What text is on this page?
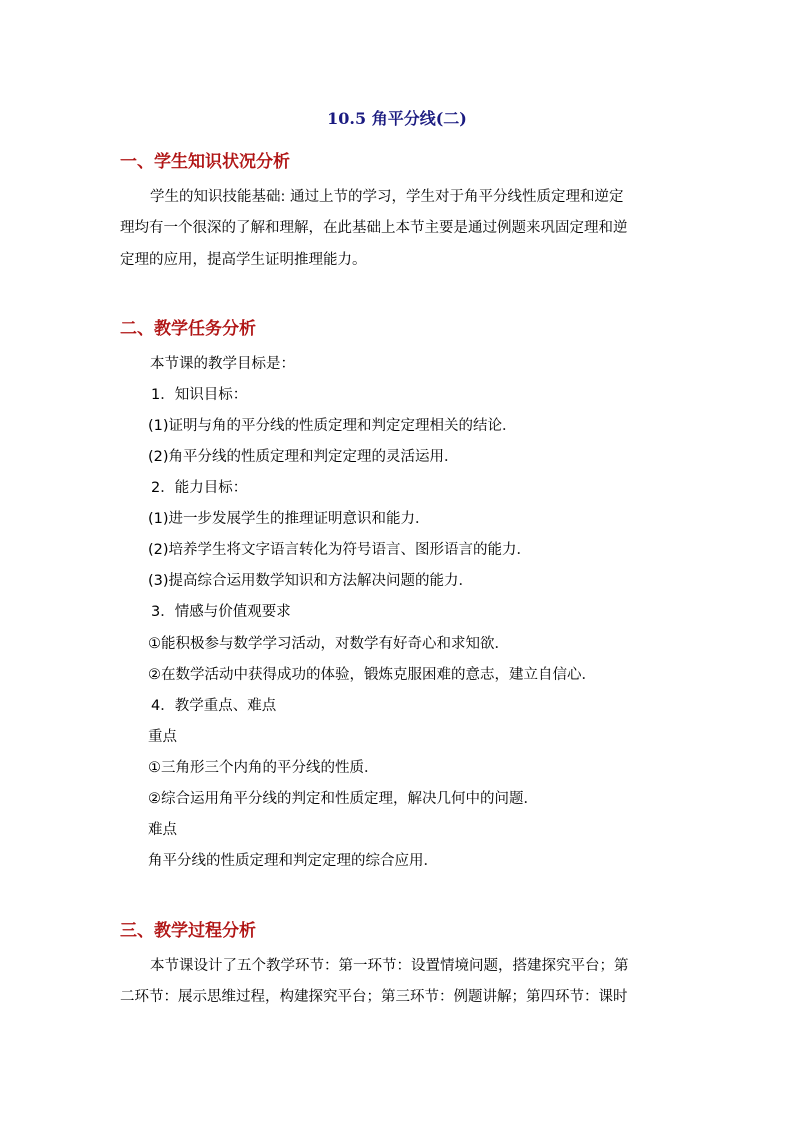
10.5 角平分线(二)
一、学生知识状况分析
学生的知识技能基础: 通过上节的学习，学生对于角平分线性质定理和逆定
理均有一个很深的了解和理解，在此基础上本节主要是通过例题来巩固定理和逆
定理的应用，提高学生证明推理能力。
二、教学任务分析
本节课的教学目标是：
1．知识目标：
(1)证明与角的平分线的性质定理和判定定理相关的结论．
(2)角平分线的性质定理和判定定理的灵活运用．
2．能力目标：
(1)进一步发展学生的推理证明意识和能力．
(2)培养学生将文字语言转化为符号语言、图形语言的能力．
(3)提高综合运用数学知识和方法解决问题的能力．
3．情感与价值观要求
①能积极参与数学学习活动，对数学有好奇心和求知欲．
②在数学活动中获得成功的体验，锻炼克服困难的意志，建立自信心．
4．教学重点、难点
重点
①三角形三个内角的平分线的性质．
②综合运用角平分线的判定和性质定理，解决几何中的问题．
难点
角平分线的性质定理和判定定理的综合应用．
三、教学过程分析
本节课设计了五个教学环节：第一环节：设置情境问题，搭建探究平台；第
二环节：展示思维过程，构建探究平台；第三环节：例题讲解；第四环节：课时
